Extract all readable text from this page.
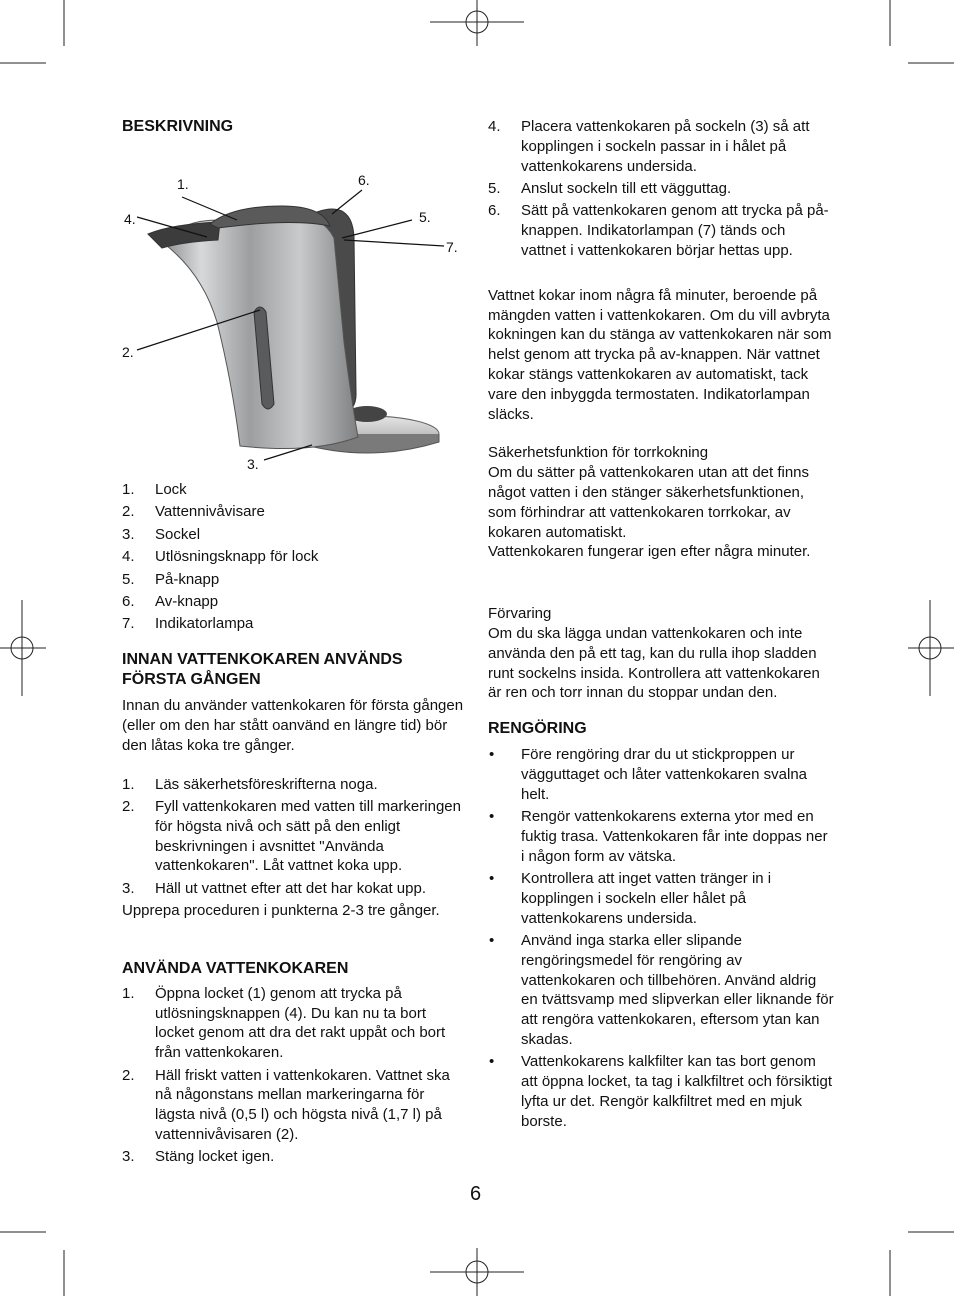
BESKRIVNING
1.	6.
4.	5.
7.
2.
3.
1. Lock
2. Vattennivåvisare
3. Sockel
4. Utlösningsknapp för lock
5. På-knapp
6. Av-knapp
7. Indikatorlampa
INNAN VATTENKOKAREN ANVÄNDS FÖRSTA GÅNGEN

Innan du använder vattenkokaren för första gången (eller om den har stått oanvänd en längre tid) bör den låtas koka tre gånger.

1. Läs säkerhetsföreskrifterna noga.
2. Fyll vattenkokaren med vatten till markeringen för högsta nivå och sätt på den enligt beskrivningen i avsnittet "Använda vattenkokaren". Låt vattnet koka upp.
3. Häll ut vattnet efter att det har kokat upp.

Upprepa proceduren i punkterna 2-3 tre gånger.

ANVÄNDA VATTENKOKAREN
1. Öppna locket (1) genom att trycka på utlösningsknappen (4). Du kan nu ta bort locket genom att dra det rakt uppåt och bort från vattenkokaren.
2. Häll friskt vatten i vattenkokaren. Vattnet ska nå någonstans mellan markeringarna för lägsta nivå (0,5 l) och högsta nivå (1,7 l) på vattennivåvisaren (2).
3. Stäng locket igen.
4. Placera vattenkokaren på sockeln (3) så att kopplingen i sockeln passar in i hålet på vattenkokarens undersida.
5. Anslut sockeln till ett vägguttag.
6. Sätt på vattenkokaren genom att trycka på på-knappen. Indikatorlampan (7) tänds och vattnet i vattenkokaren börjar hettas upp.

Vattnet kokar inom några få minuter, beroende på mängden vatten i vattenkokaren. Om du vill avbryta kokningen kan du stänga av vattenkokaren när som helst genom att trycka på av-knappen. När vattnet kokar stängs vattenkokaren av automatiskt, tack vare den inbyggda termostaten. Indikatorlampan släcks.

Säkerhetsfunktion för torrkokning

Om du sätter på vattenkokaren utan att det finns något vatten i den stänger säkerhetsfunktionen, som förhindrar att vattenkokaren torrkokar, av kokaren automatiskt.

Vattenkokaren fungerar igen efter några minuter.

Förvaring

Om du ska lägga undan vattenkokaren och inte använda den på ett tag, kan du rulla ihop sladden runt sockelns insida. Kontrollera att vattenkokaren är ren och torr innan du stoppar undan den.

RENGÖRING
• Före rengöring drar du ut stickproppen ur vägguttaget och låter vattenkokaren svalna helt.
• Rengör vattenkokarens externa ytor med en fuktig trasa. Vattenkokaren får inte doppas ner i någon form av vätska.
• Kontrollera att inget vatten tränger in i kopplingen i sockeln eller hålet på vattenkokarens undersida.
• Använd inga starka eller slipande rengöringsmedel för rengöring av vattenkokaren och tillbehören. Använd aldrig en tvättsvamp med slipverkan eller liknande för att rengöra vattenkokaren, eftersom ytan kan skadas.
• Vattenkokarens kalkfilter kan tas bort genom att öppna locket, ta tag i kalkfiltret och försiktigt lyfta ur det. Rengör kalkfiltret med en mjuk borste.
6
